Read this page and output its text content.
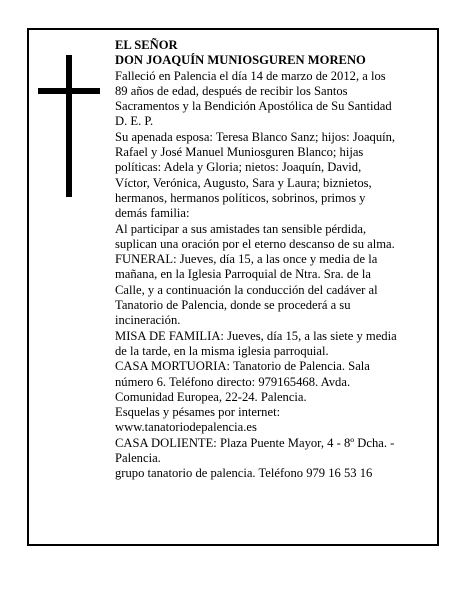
EL SEÑOR
DON JOAQUÍN MUNIOSGUREN MORENO
Falleció en Palencia el día 14 de marzo de 2012, a los
89 años de edad, después de recibir los Santos
Sacramentos y la Bendición Apostólica de Su Santidad
D. E. P.
Su apenada esposa: Teresa Blanco Sanz; hijos: Joaquín,
Rafael y José Manuel Muniosguren Blanco; hijas
políticas: Adela y Gloria; nietos: Joaquín, David,
Víctor, Verónica, Augusto, Sara y Laura; biznietos,
hermanos, hermanos políticos, sobrinos, primos y
demás familia:
Al participar a sus amistades tan sensible pérdida,
suplican una oración por el eterno descanso de su alma.
FUNERAL: Jueves, día 15, a las once y media de la
mañana, en la Iglesia Parroquial de Ntra. Sra. de la
Calle, y a continuación la conducción del cadáver al
Tanatorio de Palencia, donde se procederá a su
incineración.
MISA DE FAMILIA: Jueves, día 15, a las siete y media
de la tarde, en la misma iglesia parroquial.
CASA MORTUORIA: Tanatorio de Palencia. Sala
número 6. Teléfono directo: 979165468. Avda.
Comunidad Europea, 22-24. Palencia.
Esquelas y pésames por internet:
www.tanatoriodepalencia.es
CASA DOLIENTE: Plaza Puente Mayor, 4 - 8º Dcha. -
Palencia.
grupo tanatorio de palencia. Teléfono 979 16 53 16
